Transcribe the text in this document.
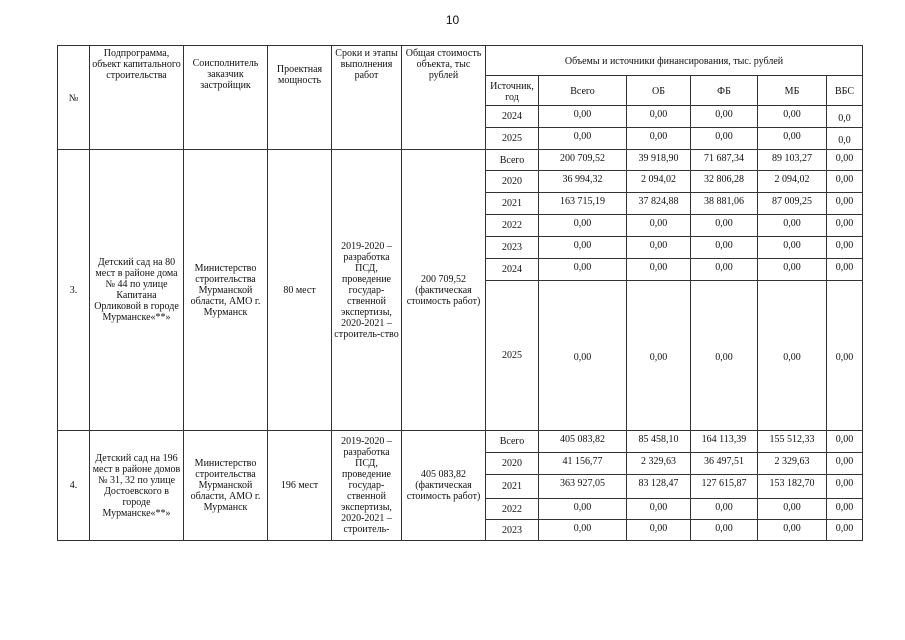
10
№	Подпрограмма, объект капитального строительства	Соисполнитель заказчик застройщик	Проектная мощность	Сроки и этапы выполнения работ	Общая стоимость объекта, тыс рублей	Объемы и источники финансирования, тыс. рублей					
						Источник, год	Всего	ОБ	ФБ	МБ	ВБС
						2024	0,00	0,00	0,00	0,00	0,0
						2025	0,00	0,00	0,00	0,00	0,0
3.	Детский сад на 80 мест в районе дома № 44 по улице Капитана Орликовой в городе Мурманске«**»	Министерство строительства Мурманской области, АМО г. Мурманск	80 мест	2019-2020 – разработка ПСД, проведение государ-ственной экспертизы, 2020-2021 – строитель-ство	200 709,52 (фактическая стоимость работ)	Всего	200 709,52	39 918,90	71 687,34	89 103,27	0,00
						2020	36 994,32	2 094,02	32 806,28	2 094,02	0,00
						2021	163 715,19	37 824,88	38 881,06	87 009,25	0,00
						2022	0,00	0,00	0,00	0,00	0,00
						2023	0,00	0,00	0,00	0,00	0,00
						2024	0,00	0,00	0,00	0,00	0,00
						2025	0,00	0,00	0,00	0,00	0,00
4.	Детский сад на 196 мест в районе домов № 31, 32 по улице Достоевского в городе Мурманске«**»	Министерство строительства Мурманской области, АМО г. Мурманск	196 мест	2019-2020 – разработка ПСД, проведение государ-ственной экспертизы, 2020-2021 – строитель-	405 083,82 (фактическая стоимость работ)	Всего	405 083,82	85 458,10	164 113,39	155 512,33	0,00
						2020	41 156,77	2 329,63	36 497,51	2 329,63	0,00
						2021	363 927,05	83 128,47	127 615,87	153 182,70	0,00
						2022	0,00	0,00	0,00	0,00	0,00
						2023	0,00	0,00	0,00	0,00	0,00
